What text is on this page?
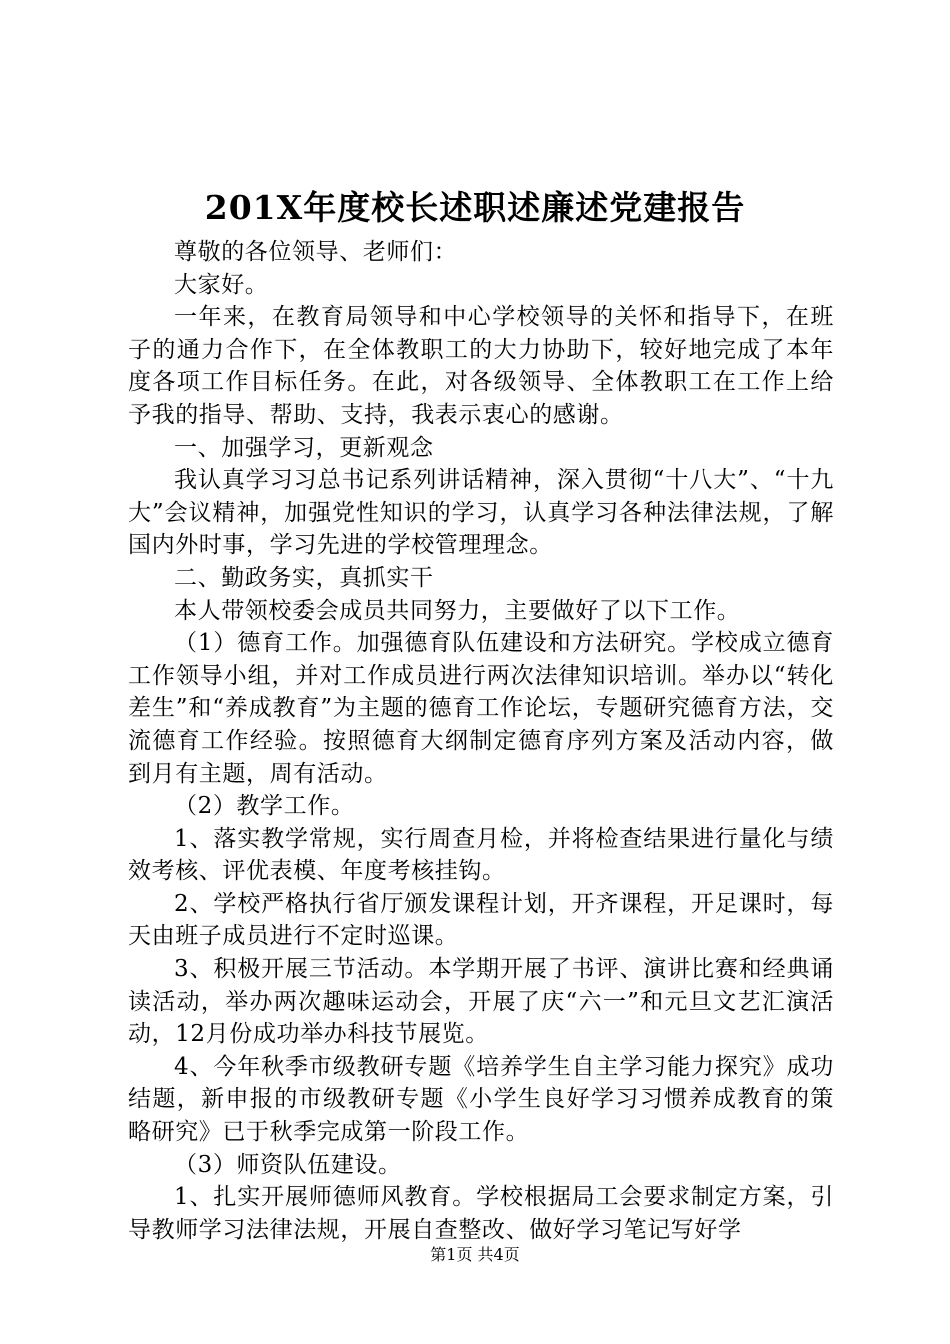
201X年度校长述职述廉述党建报告

尊敬的各位领导、老师们：

大家好。

一年来，在教育局领导和中心学校领导的关怀和指导下，在班子的通力合作下，在全体教职工的大力协助下，较好地完成了本年度各项工作目标任务。在此，对各级领导、全体教职工在工作上给予我的指导、帮助、支持，我表示衷心的感谢。

一、加强学习，更新观念

我认真学习习总书记系列讲话精神，深入贯彻“十八大”、“十九大”会议精神，加强党性知识的学习，认真学习各种法律法规，了解国内外时事，学习先进的学校管理理念。

二、勤政务实，真抓实干

本人带领校委会成员共同努力，主要做好了以下工作。

（1）德育工作。加强德育队伍建设和方法研究。学校成立德育工作领导小组，并对工作成员进行两次法律知识培训。举办以“转化差生”和“养成教育”为主题的德育工作论坛，专题研究德育方法，交流德育工作经验。按照德育大纲制定德育序列方案及活动内容，做到月有主题，周有活动。

（2）教学工作。

1、落实教学常规，实行周查月检，并将检查结果进行量化与绩效考核、评优表模、年度考核挂钩。

2、学校严格执行省厅颁发课程计划，开齐课程，开足课时，每天由班子成员进行不定时巡课。

3、积极开展三节活动。本学期开展了书评、演讲比赛和经典诵读活动，举办两次趣味运动会，开展了庆“六一”和元旦文艺汇演活动，12月份成功举办科技节展览。

4、今年秋季市级教研专题《培养学生自主学习能力探究》成功结题，新申报的市级教研专题《小学生良好学习习惯养成教育的策略研究》已于秋季完成第一阶段工作。

（3）师资队伍建设。

1、扎实开展师德师风教育。学校根据局工会要求制定方案，引导教师学习法律法规，开展自查整改、做好学习笔记写好学

第1页 共4页
